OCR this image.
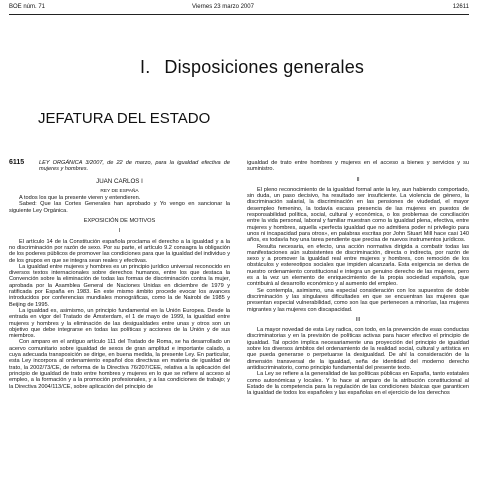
BOE núm. 71	Viernes 23 marzo 2007	12611
I. Disposiciones generales
JEFATURA DEL ESTADO
6115	LEY ORGÁNICA 3/2007, de 22 de marzo, para la igualdad efectiva de mujeres y hombres.

JUAN CARLOS I

REY DE ESPAÑA

A todos los que la presente vieren y entendieren.

Sabed: Que las Cortes Generales han aprobado y Yo vengo en sancionar la siguiente Ley Orgánica.

EXPOSICIÓN DE MOTIVOS

I

El artículo 14 de la Constitución española proclama el derecho a la igualdad y a la no discriminación por razón de sexo. Por su parte, el artículo 9.2 consagra la obligación de los poderes públicos de promover las condiciones para que la igualdad del individuo y de los grupos en que se integra sean reales y efectivas.

La igualdad entre mujeres y hombres es un principio jurídico universal reconocido en diversos textos internacionales sobre derechos humanos, entre los que destaca la Convención sobre la eliminación de todas las formas de discriminación contra la mujer, aprobada por la Asamblea General de Naciones Unidas en diciembre de 1979 y ratificada por España en 1983. En este mismo ámbito procede evocar los avances introducidos por conferencias mundiales monográficas, como la de Nairobi de 1985 y Beijing de 1995.

La igualdad es, asimismo, un principio fundamental en la Unión Europea. Desde la entrada en vigor del Tratado de Ámsterdam, el 1 de mayo de 1999, la igualdad entre mujeres y hombres y la eliminación de las desigualdades entre unas y otros son un objetivo que debe integrarse en todas las políticas y acciones de la Unión y de sus miembros.

Con amparo en el antiguo artículo 111 del Tratado de Roma, se ha desarrollado un acervo comunitario sobre igualdad de sexos de gran amplitud e importante calado, a cuya adecuada transposición se dirige, en buena medida, la presente Ley. En particular, esta Ley incorpora al ordenamiento español dos directivas en materia de igualdad de trato, la 2002/73/CE, de reforma de la Directiva 76/207/CEE, relativa a la aplicación del principio de igualdad de trato entre hombres y mujeres en lo que se refiere al acceso al empleo, a la formación y a la promoción profesionales, y a las condiciones de trabajo; y la Directiva 2004/113/CE, sobre aplicación del principio de

igualdad de trato entre hombres y mujeres en el acceso a bienes y servicios y su suministro.

II

El pleno reconocimiento de la igualdad formal ante la ley, aun habiendo comportado, sin duda, un paso decisivo, ha resultado ser insuficiente. La violencia de género, la discriminación salarial, la discriminación en las pensiones de viudedad, el mayor desempleo femenino, la todavía escasa presencia de las mujeres en puestos de responsabilidad política, social, cultural y económica, o los problemas de conciliación entre la vida personal, laboral y familiar muestran como la igualdad plena, efectiva, entre mujeres y hombres, aquella «perfecta igualdad que no admitiera poder ni privilegio para unos ni incapacidad para otros», en palabras escritas por John Stuart Mill hace casi 140 años, es todavía hoy una tarea pendiente que precisa de nuevos instrumentos jurídicos.

Resulta necesaria, en efecto, una acción normativa dirigida a combatir todas las manifestaciones aún subsistentes de discriminación, directa o indirecta, por razón de sexo y a promover la igualdad real entre mujeres y hombres, con remoción de los obstáculos y estereotipos sociales que impiden alcanzarla. Esta exigencia se deriva de nuestro ordenamiento constitucional e integra un genuino derecho de las mujeres, pero es a la vez un elemento de enriquecimiento de la propia sociedad española, que contribuirá al desarrollo económico y al aumento del empleo.

Se contempla, asimismo, una especial consideración con los supuestos de doble discriminación y las singulares dificultades en que se encuentran las mujeres que presentan especial vulnerabilidad, como son las que pertenecen a minorías, las mujeres migrantes y las mujeres con discapacidad.

III

La mayor novedad de esta Ley radica, con todo, en la prevención de esas conductas discriminatorias y en la previsión de políticas activas para hacer efectivo el principio de igualdad. Tal opción implica necesariamente una proyección del principio de igualdad sobre los diversos ámbitos del ordenamiento de la realidad social, cultural y artística en que pueda generarse o perpetuarse la desigualdad. De ahí la consideración de la dimensión transversal de la igualdad, seña de identidad del moderno derecho antidiscriminatorio, como principio fundamental del presente texto.

La Ley se refiere a la generalidad de las políticas públicas en España, tanto estatales como autonómicas y locales. Y lo hace al amparo de la atribución constitucional al Estado de la competencia para la regulación de las condiciones básicas que garanticen la igualdad de todos los españoles y las españolas en el ejercicio de los derechos
